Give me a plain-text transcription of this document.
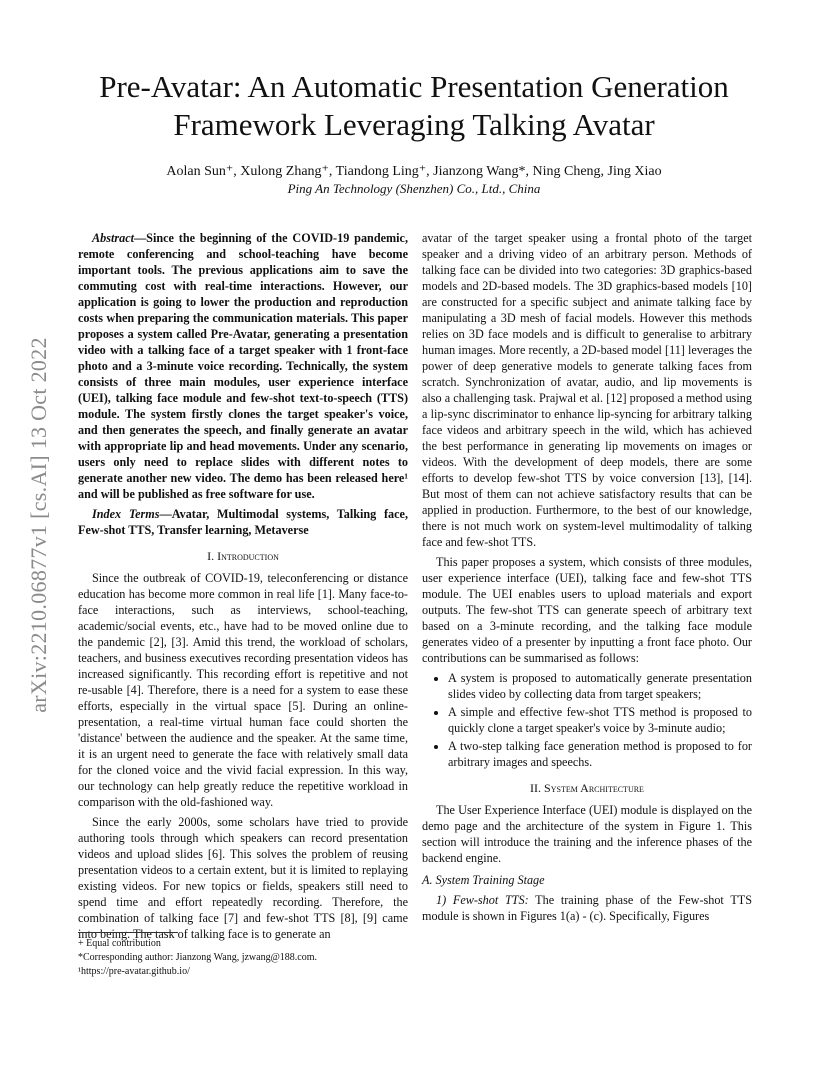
arXiv:2210.06877v1 [cs.AI] 13 Oct 2022
Pre-Avatar: An Automatic Presentation Generation Framework Leveraging Talking Avatar
Aolan Sun⁺, Xulong Zhang⁺, Tiandong Ling⁺, Jianzong Wang*, Ning Cheng, Jing Xiao
Ping An Technology (Shenzhen) Co., Ltd., China

Abstract—Since the beginning of the COVID-19 pandemic, remote conferencing and school-teaching have become important tools. The previous applications aim to save the commuting cost with real-time interactions. However, our application is going to lower the production and reproduction costs when preparing the communication materials. This paper proposes a system called Pre-Avatar, generating a presentation video with a talking face of a target speaker with 1 front-face photo and a 3-minute voice recording. Technically, the system consists of three main modules, user experience interface (UEI), talking face module and few-shot text-to-speech (TTS) module. The system firstly clones the target speaker's voice, and then generates the speech, and finally generate an avatar with appropriate lip and head movements. Under any scenario, users only need to replace slides with different notes to generate another new video. The demo has been released here¹ and will be published as free software for use.

Index Terms—Avatar, Multimodal systems, Talking face, Few-shot TTS, Transfer learning, Metaverse

I. Introduction

Since the outbreak of COVID-19, teleconferencing or distance education has become more common in real life [1]. Many face-to-face interactions, such as interviews, school-teaching, academic/social events, etc., have had to be moved online due to the pandemic [2], [3]. Amid this trend, the workload of scholars, teachers, and business executives recording presentation videos has increased significantly. This recording effort is repetitive and not re-usable [4]. Therefore, there is a need for a system to ease these efforts, especially in the virtual space [5]. During an online-presentation, a real-time virtual human face could shorten the 'distance' between the audience and the speaker. At the same time, it is an urgent need to generate the face with relatively small data for the cloned voice and the vivid facial expression. In this way, our technology can help greatly reduce the repetitive workload in comparison with the old-fashioned way.

Since the early 2000s, some scholars have tried to provide authoring tools through which speakers can record presentation videos and upload slides [6]. This solves the problem of reusing presentation videos to a certain extent, but it is limited to replaying existing videos. For new topics or fields, speakers still need to spend time and effort repeatedly recording. Therefore, the combination of talking face [7] and few-shot TTS [8], [9] came into being. The task of talking face is to generate an

avatar of the target speaker using a frontal photo of the target speaker and a driving video of an arbitrary person. Methods of talking face can be divided into two categories: 3D graphics-based models and 2D-based models. The 3D graphics-based models [10] are constructed for a specific subject and animate talking face by manipulating a 3D mesh of facial models. However this methods relies on 3D face models and is difficult to generalise to arbitrary human images. More recently, a 2D-based model [11] leverages the power of deep generative models to generate talking faces from scratch. Synchronization of avatar, audio, and lip movements is also a challenging task. Prajwal et al. [12] proposed a method using a lip-sync discriminator to enhance lip-syncing for arbitrary talking face videos and arbitrary speech in the wild, which has achieved the best performance in generating lip movements on images or videos. With the development of deep models, there are some efforts to develop few-shot TTS by voice conversion [13], [14]. But most of them can not achieve satisfactory results that can be applied in production. Furthermore, to the best of our knowledge, there is not much work on system-level multimodality of talking face and few-shot TTS.

This paper proposes a system, which consists of three modules, user experience interface (UEI), talking face and few-shot TTS module. The UEI enables users to upload materials and export outputs. The few-shot TTS can generate speech of arbitrary text based on a 3-minute recording, and the talking face module generates video of a presenter by inputting a front face photo. Our contributions can be summarised as follows:

• A system is proposed to automatically generate presentation slides video by collecting data from target speakers;
• A simple and effective few-shot TTS method is proposed to quickly clone a target speaker's voice by 3-minute audio;
• A two-step talking face generation method is proposed to for arbitrary images and speechs.
II. System Architecture

The User Experience Interface (UEI) module is displayed on the demo page and the architecture of the system in Figure 1. This section will introduce the training and the inference phases of the backend engine.

A. System Training Stage

1) Few-shot TTS: The training phase of the Few-shot TTS module is shown in Figures 1(a) - (c). Specifically, Figures

+ Equal contribution
*Corresponding author: Jianzong Wang, jzwang@188.com.
¹https://pre-avatar.github.io/
